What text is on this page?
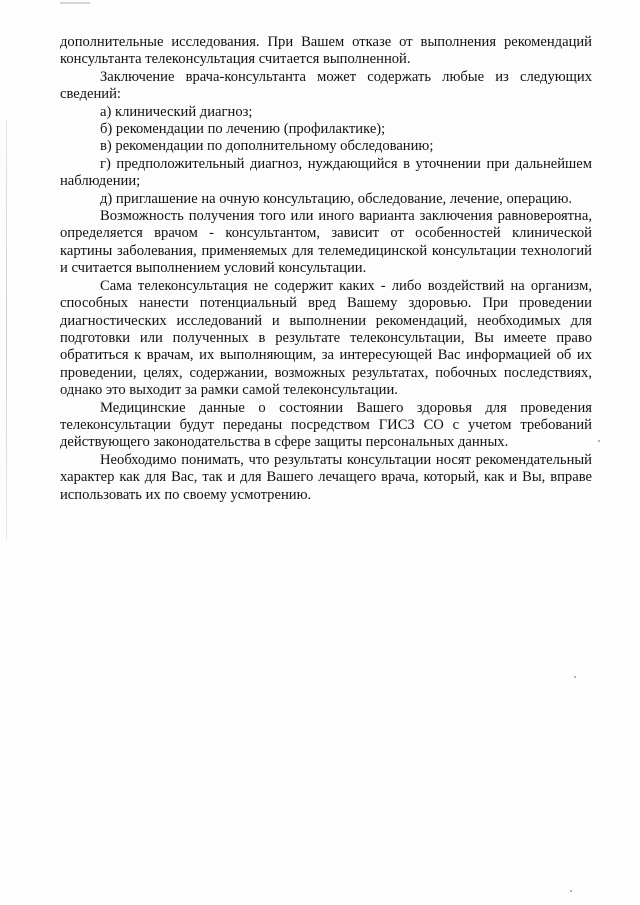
дополнительные исследования. При Вашем отказе от выполнения рекомендаций консультанта телеконсультация считается выполненной.

Заключение врача-консультанта может содержать любые из следующих сведений:

а) клинический диагноз;

б) рекомендации по лечению (профилактике);

в) рекомендации по дополнительному обследованию;

г) предположительный диагноз, нуждающийся в уточнении при дальнейшем наблюдении;

д) приглашение на очную консультацию, обследование, лечение, операцию.

Возможность получения того или иного варианта заключения равновероятна, определяется врачом - консультантом, зависит от особенностей клинической картины заболевания, применяемых для телемедицинской консультации технологий и считается выполнением условий консультации.

Сама телеконсультация не содержит каких - либо воздействий на организм, способных нанести потенциальный вред Вашему здоровью. При проведении диагностических исследований и выполнении рекомендаций, необходимых для подготовки или полученных в результате телеконсультации, Вы имеете право обратиться к врачам, их выполняющим, за интересующей Вас информацией об их проведении, целях, содержании, возможных результатах, побочных последствиях, однако это выходит за рамки самой телеконсультации.

Медицинские данные о состоянии Вашего здоровья для проведения телеконсультации будут переданы посредством ГИСЗ СО с учетом требований действующего законодательства в сфере защиты персональных данных.

Необходимо понимать, что результаты консультации носят рекомендательный характер как для Вас, так и для Вашего лечащего врача, который, как и Вы, вправе использовать их по своему усмотрению.
